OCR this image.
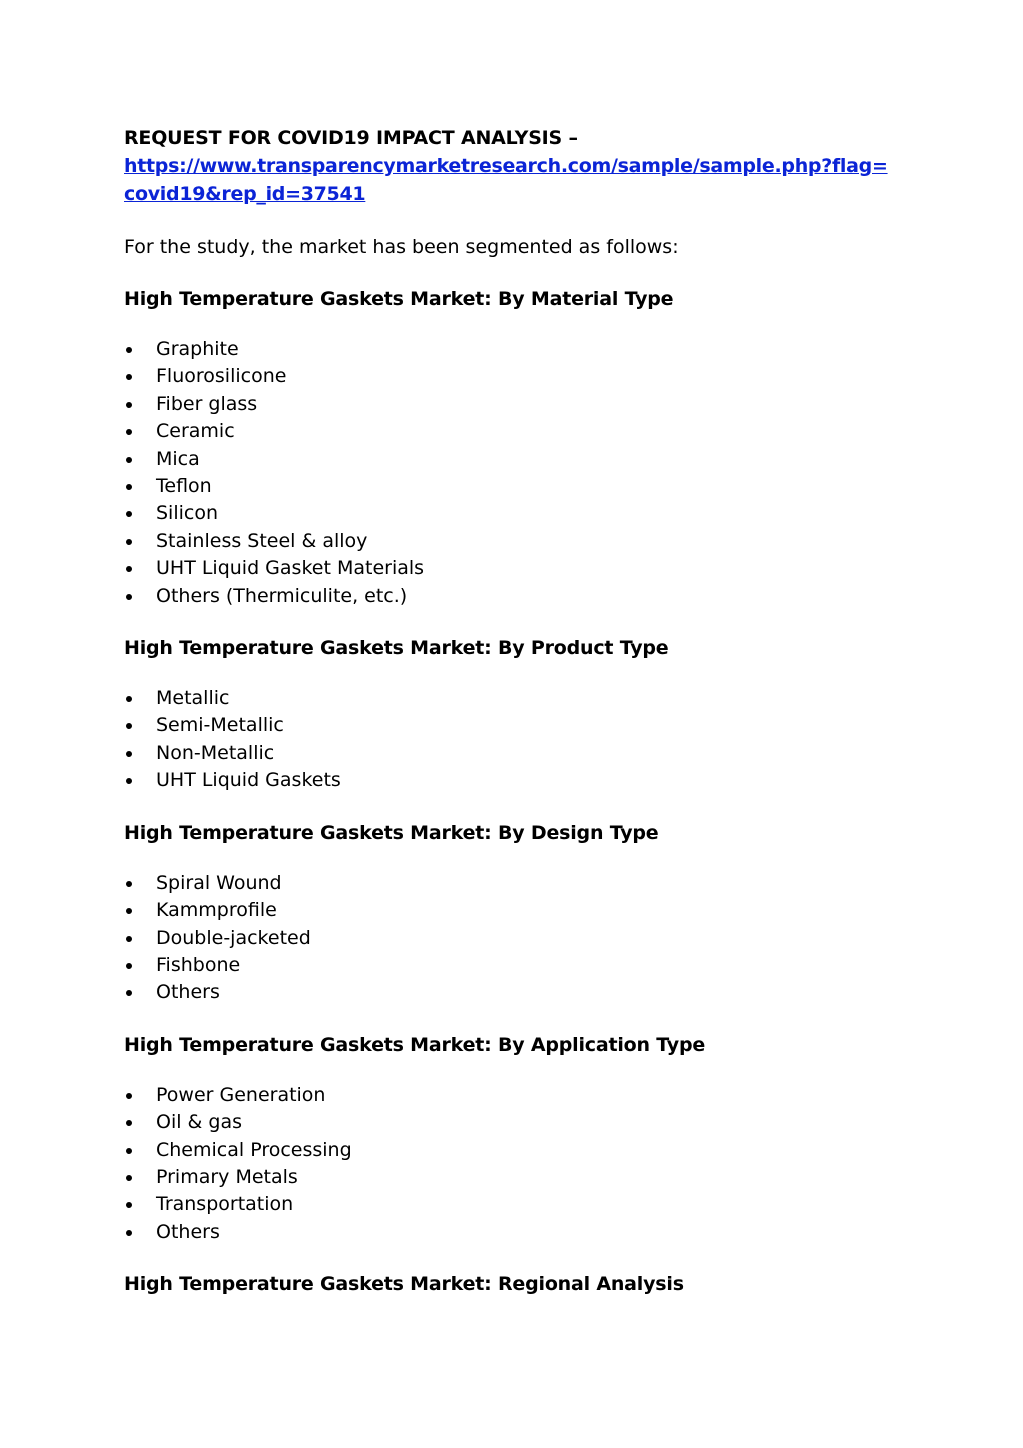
REQUEST FOR COVID19 IMPACT ANALYSIS –
https://www.transparencymarketresearch.com/sample/sample.php?flag=covid19&rep_id=37541
For the study, the market has been segmented as follows:
High Temperature Gaskets Market: By Material Type
Graphite
Fluorosilicone
Fiber glass
Ceramic
Mica
Teflon
Silicon
Stainless Steel & alloy
UHT Liquid Gasket Materials
Others (Thermiculite, etc.)
High Temperature Gaskets Market: By Product Type
Metallic
Semi-Metallic
Non-Metallic
UHT Liquid Gaskets
High Temperature Gaskets Market: By Design Type
Spiral Wound
Kammprofile
Double-jacketed
Fishbone
Others
High Temperature Gaskets Market: By Application Type
Power Generation
Oil & gas
Chemical Processing
Primary Metals
Transportation
Others
High Temperature Gaskets Market: Regional Analysis
